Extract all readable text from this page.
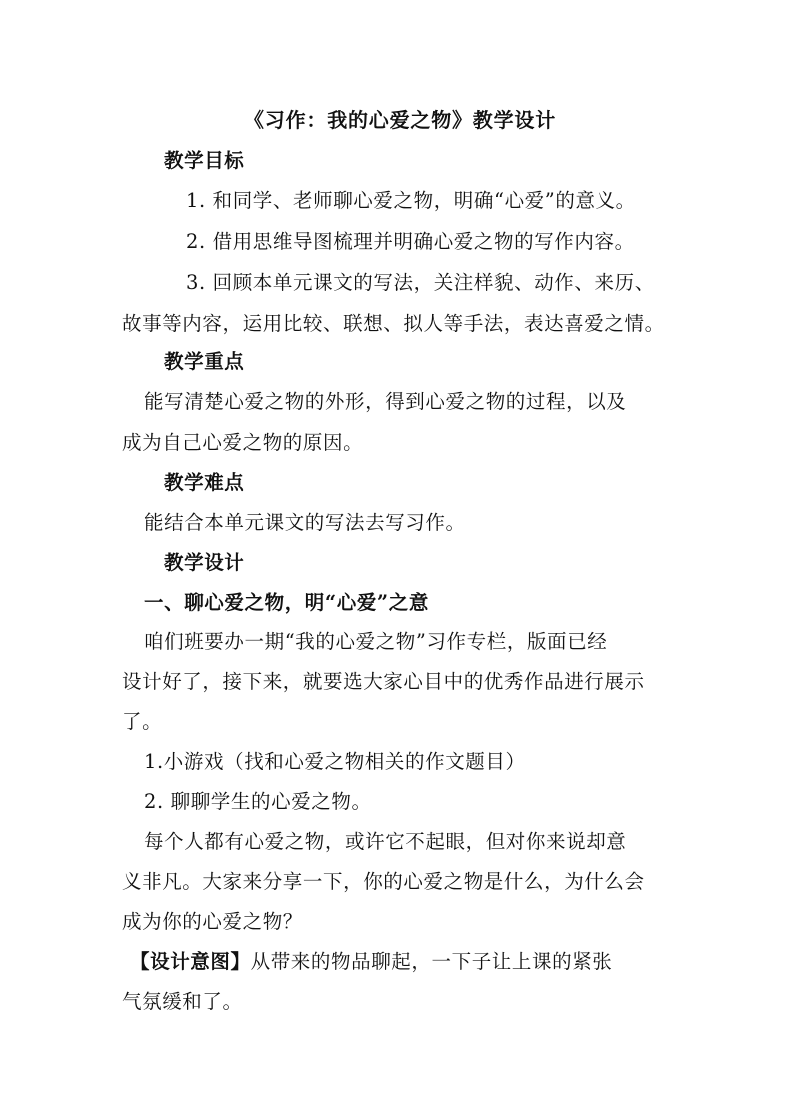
《习作：我的心爱之物》教学设计
教学目标
1. 和同学、老师聊心爱之物，明确“心爱”的意义。
2. 借用思维导图梳理并明确心爱之物的写作内容。
3. 回顾本单元课文的写法，关注样貌、动作、来历、
故事等内容，运用比较、联想、拟人等手法，表达喜爱之情。
教学重点
能写清楚心爱之物的外形，得到心爱之物的过程，以及
成为自己心爱之物的原因。
教学难点
能结合本单元课文的写法去写习作。
教学设计
一、聊心爱之物，明“心爱”之意
咱们班要办一期“我的心爱之物”习作专栏，版面已经
设计好了，接下来，就要选大家心目中的优秀作品进行展示
了。
1.小游戏（找和心爱之物相关的作文题目）
2. 聊聊学生的心爱之物。
每个人都有心爱之物，或许它不起眼，但对你来说却意
义非凡。大家来分享一下，你的心爱之物是什么，为什么会
成为你的心爱之物？
【设计意图】从带来的物品聊起，一下子让上课的紧张
气氛缓和了。
